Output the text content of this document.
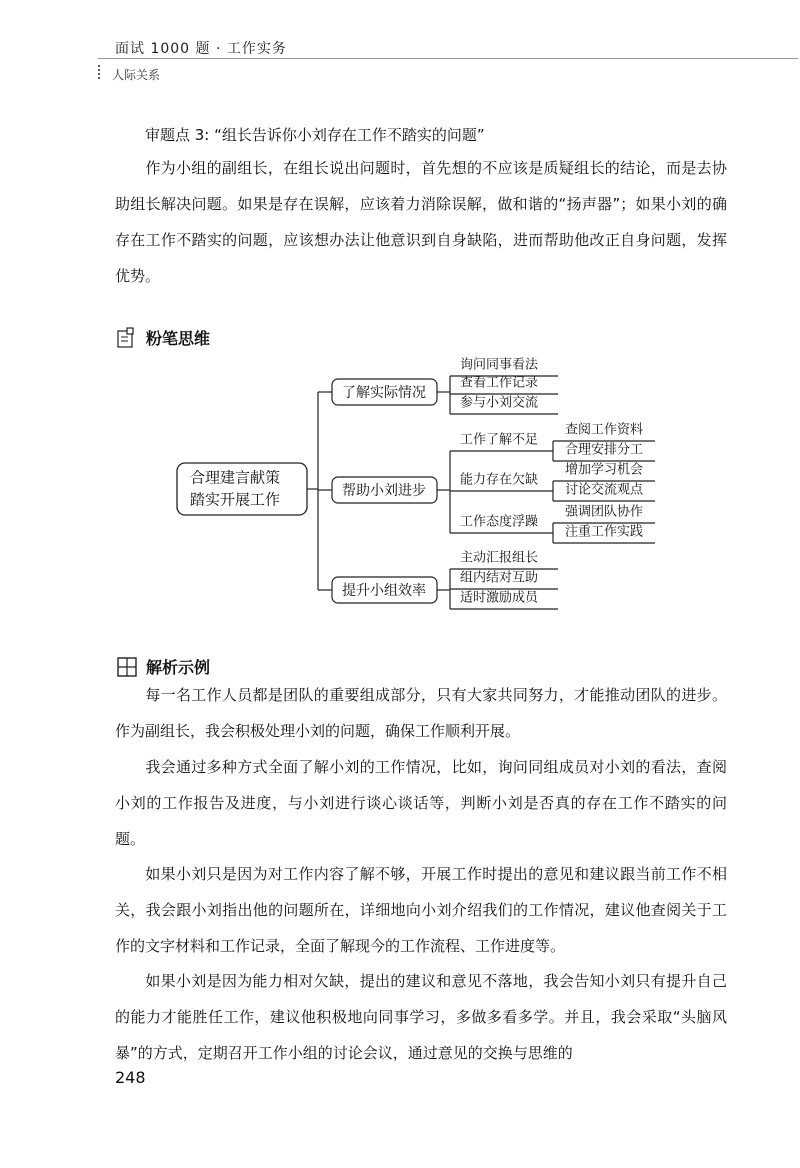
面试 1000 题 · 工作实务
人际关系
审题点 3: “组长告诉你小刘存在工作不踏实的问题”
作为小组的副组长，在组长说出问题时，首先想的不应该是质疑组长的结论，而是去协助组长解决问题。如果是存在误解，应该着力消除误解，做和谐的“扬声器”；如果小刘的确存在工作不踏实的问题，应该想办法让他意识到自身缺陷，进而帮助他改正自身问题，发挥优势。
粉笔思维
合理建言献策
踏实开展工作
了解实际情况
帮助小刘进步
提升小组效率
询问同事看法
查看工作记录
参与小刘交流
工作了解不足
查阅工作资料
合理安排分工
能力存在欠缺
增加学习机会
讨论交流观点
工作态度浮躁
强调团队协作
注重工作实践
主动汇报组长
组内结对互助
适时激励成员
解析示例
每一名工作人员都是团队的重要组成部分，只有大家共同努力，才能推动团队的进步。作为副组长，我会积极处理小刘的问题，确保工作顺利开展。
我会通过多种方式全面了解小刘的工作情况，比如，询问同组成员对小刘的看法，查阅小刘的工作报告及进度，与小刘进行谈心谈话等，判断小刘是否真的存在工作不踏实的问题。
如果小刘只是因为对工作内容了解不够，开展工作时提出的意见和建议跟当前工作不相关，我会跟小刘指出他的问题所在，详细地向小刘介绍我们的工作情况，建议他查阅关于工作的文字材料和工作记录，全面了解现今的工作流程、工作进度等。
如果小刘是因为能力相对欠缺，提出的建议和意见不落地，我会告知小刘只有提升自己的能力才能胜任工作，建议他积极地向同事学习，多做多看多学。并且，我会采取“头脑风暴”的方式，定期召开工作小组的讨论会议，通过意见的交换与思维的
248
